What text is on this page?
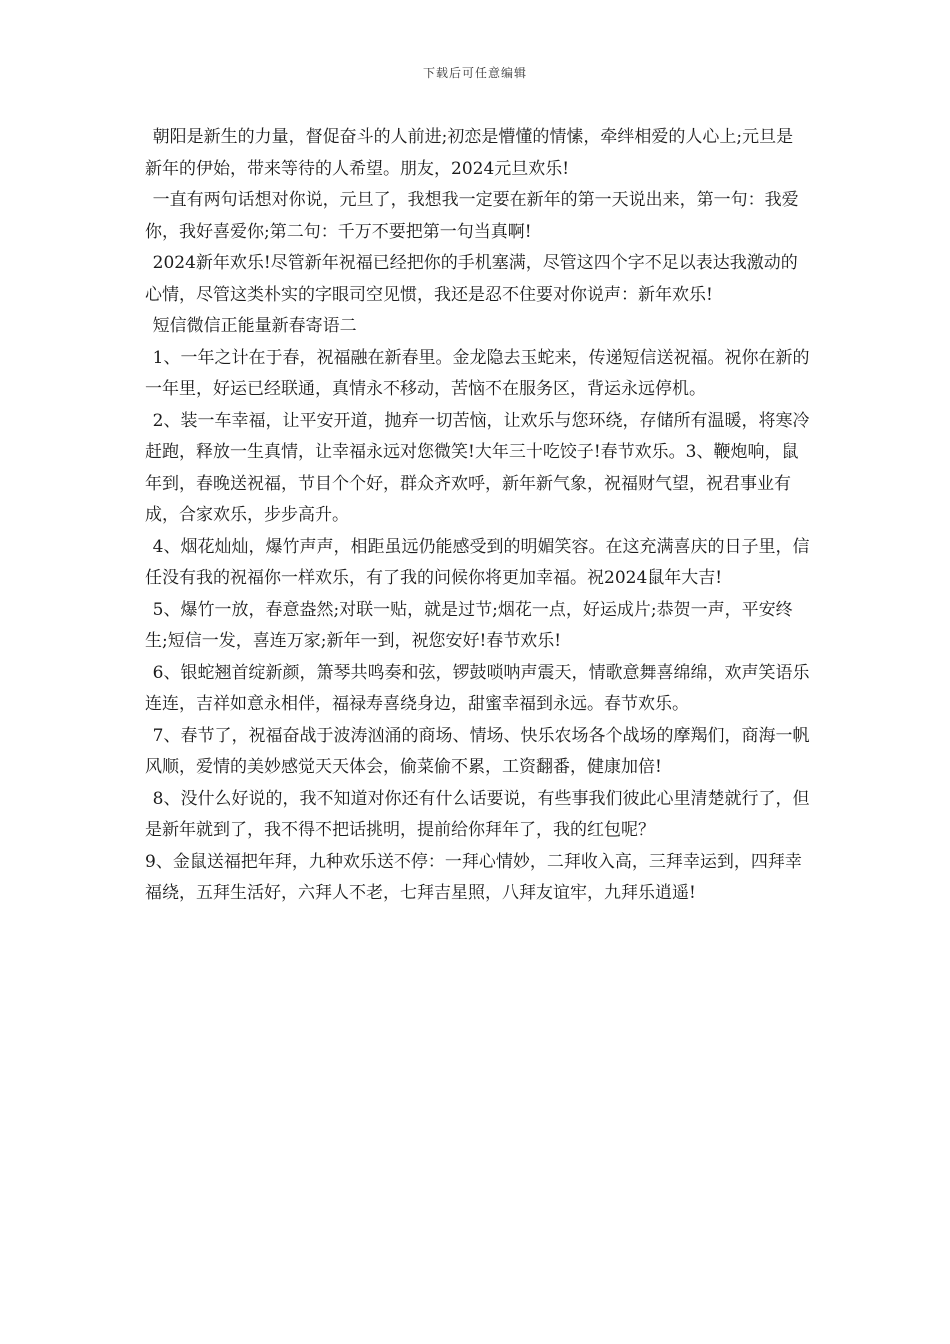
下载后可任意编辑

朝阳是新生的力量，督促奋斗的人前进;初恋是懵懂的情愫，牵绊相爱的人心上;元旦是新年的伊始，带来等待的人希望。朋友，2024元旦欢乐!

一直有两句话想对你说，元旦了，我想我一定要在新年的第一天说出来，第一句：我爱你，我好喜爱你;第二句：千万不要把第一句当真啊!

2024新年欢乐!尽管新年祝福已经把你的手机塞满，尽管这四个字不足以表达我激动的心情，尽管这类朴实的字眼司空见惯，我还是忍不住要对你说声：新年欢乐!

短信微信正能量新春寄语二

1、一年之计在于春，祝福融在新春里。金龙隐去玉蛇来，传递短信送祝福。祝你在新的一年里，好运已经联通，真情永不移动，苦恼不在服务区，背运永远停机。

2、装一车幸福，让平安开道，抛弃一切苦恼，让欢乐与您环绕，存储所有温暖，将寒冷赶跑，释放一生真情，让幸福永远对您微笑!大年三十吃饺子!春节欢乐。3、鞭炮响，鼠年到，春晚送祝福，节目个个好，群众齐欢呼，新年新气象，祝福财气望，祝君事业有成，合家欢乐，步步高升。

4、烟花灿灿，爆竹声声，相距虽远仍能感受到的明媚笑容。在这充满喜庆的日子里，信任没有我的祝福你一样欢乐，有了我的问候你将更加幸福。祝2024鼠年大吉!

5、爆竹一放，春意盎然;对联一贴，就是过节;烟花一点，好运成片;恭贺一声，平安终生;短信一发，喜连万家;新年一到，祝您安好!春节欢乐!

6、银蛇翘首绽新颜，箫琴共鸣奏和弦，锣鼓唢呐声震天，情歌意舞喜绵绵，欢声笑语乐连连，吉祥如意永相伴，福禄寿喜绕身边，甜蜜幸福到永远。春节欢乐。

7、春节了，祝福奋战于波涛汹涌的商场、情场、快乐农场各个战场的摩羯们，商海一帆风顺，爱情的美妙感觉天天体会，偷菜偷不累，工资翻番，健康加倍!

8、没什么好说的，我不知道对你还有什么话要说，有些事我们彼此心里清楚就行了，但是新年就到了，我不得不把话挑明，提前给你拜年了，我的红包呢？

9、金鼠送福把年拜，九种欢乐送不停：一拜心情妙，二拜收入高，三拜幸运到，四拜幸福绕，五拜生活好，六拜人不老，七拜吉星照，八拜友谊牢，九拜乐逍遥!
